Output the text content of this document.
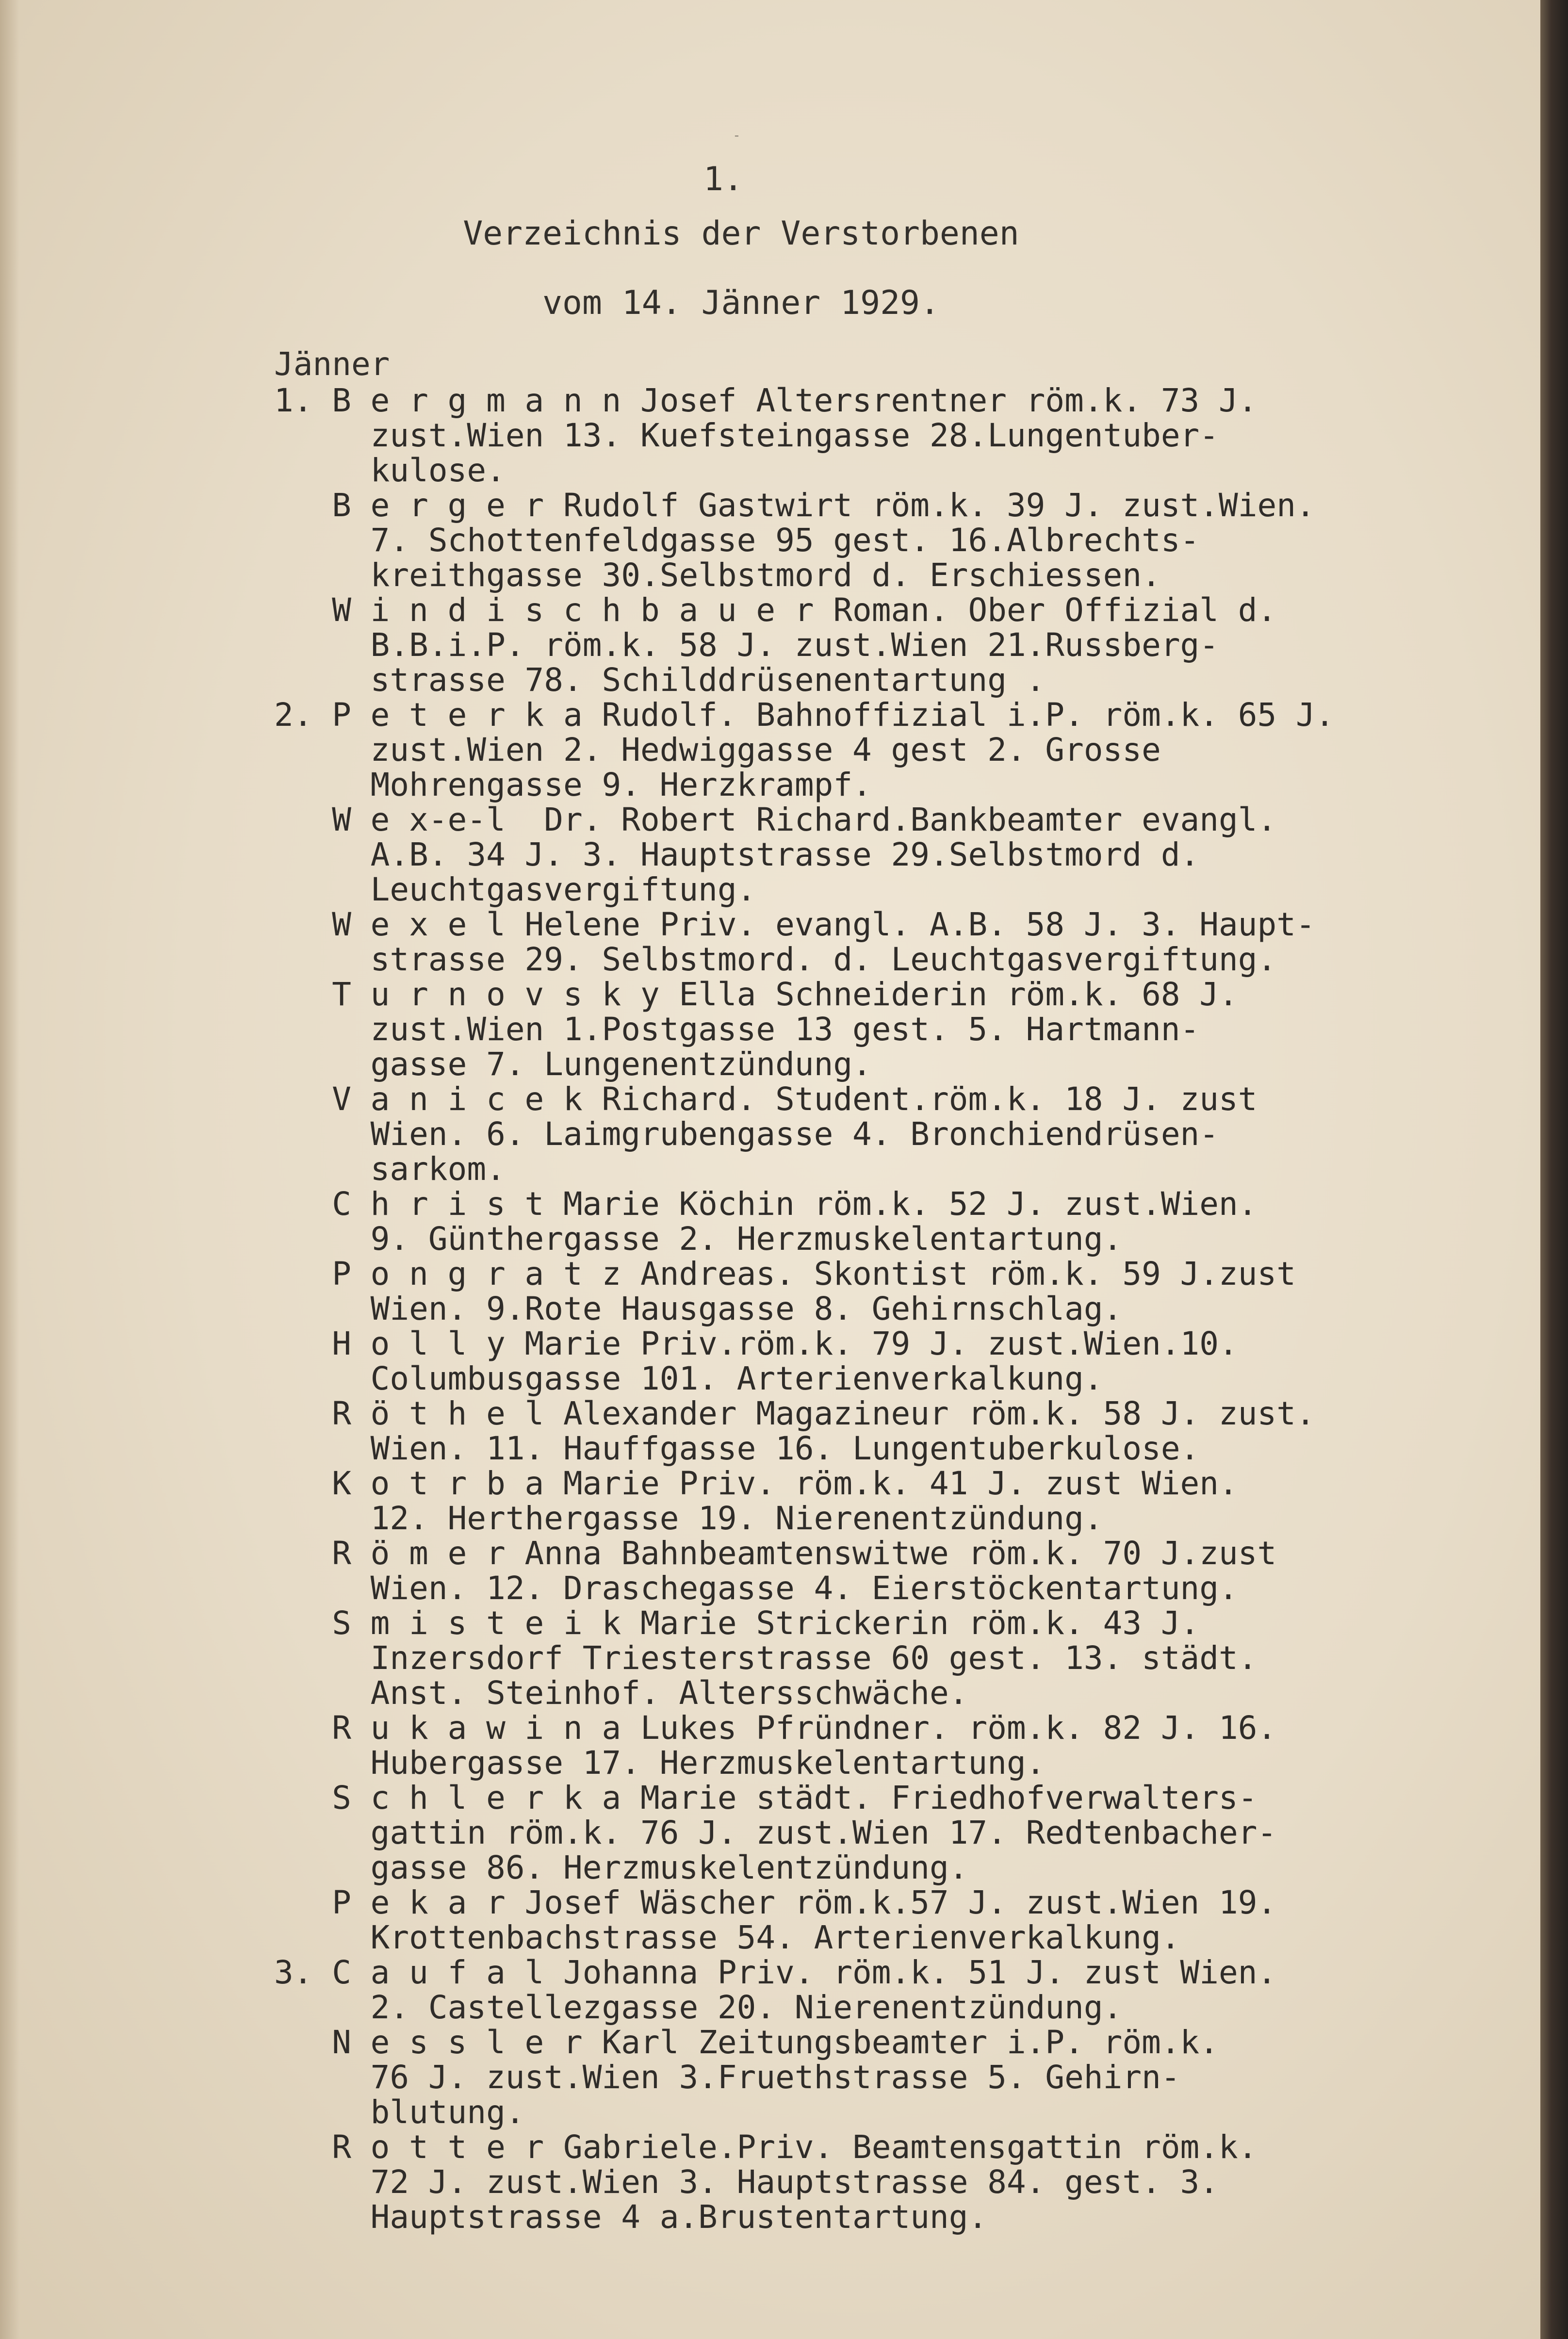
-
1.
Verzeichnis der Verstorbenen
vom 14. Jänner 1929.
Jänner
1. B e r g m a n n Josef Altersrentner röm.k. 73 J.
zust.Wien 13. Kuefsteingasse 28.Lungentuber-
kulose.
B e r g e r Rudolf Gastwirt röm.k. 39 J. zust.Wien.
7. Schottenfeldgasse 95 gest. 16.Albrechts-
kreithgasse 30.Selbstmord d. Erschiessen.
W i n d i s c h b a u e r Roman. Ober Offizial d.
B.B.i.P. röm.k. 58 J. zust.Wien 21.Russberg-
strasse 78. Schilddrüsenentartung .
2. P e t e r k a Rudolf. Bahnoffizial i.P. röm.k. 65 J.
zust.Wien 2. Hedwiggasse 4 gest 2. Grosse
Mohrengasse 9. Herzkrampf.
W e x-e-l  Dr. Robert Richard.Bankbeamter evangl.
A.B. 34 J. 3. Hauptstrasse 29.Selbstmord d.
Leuchtgasvergiftung.
W e x e l Helene Priv. evangl. A.B. 58 J. 3. Haupt-
strasse 29. Selbstmord. d. Leuchtgasvergiftung.
T u r n o v s k y Ella Schneiderin röm.k. 68 J.
zust.Wien 1.Postgasse 13 gest. 5. Hartmann-
gasse 7. Lungenentzündung.
V a n i c e k Richard. Student.röm.k. 18 J. zust
Wien. 6. Laimgrubengasse 4. Bronchiendrüsen-
sarkom.
C h r i s t Marie Köchin röm.k. 52 J. zust.Wien.
9. Günthergasse 2. Herzmuskelentartung.
P o n g r a t z Andreas. Skontist röm.k. 59 J.zust
Wien. 9.Rote Hausgasse 8. Gehirnschlag.
H o l l y Marie Priv.röm.k. 79 J. zust.Wien.10.
Columbusgasse 101. Arterienverkalkung.
R ö t h e l Alexander Magazineur röm.k. 58 J. zust.
Wien. 11. Hauffgasse 16. Lungentuberkulose.
K o t r b a Marie Priv. röm.k. 41 J. zust Wien.
12. Herthergasse 19. Nierenentzündung.
R ö m e r Anna Bahnbeamtenswitwe röm.k. 70 J.zust
Wien. 12. Draschegasse 4. Eierstöckentartung.
S m i s t e i k Marie Strickerin röm.k. 43 J.
Inzersdorf Triesterstrasse 60 gest. 13. städt.
Anst. Steinhof. Altersschwäche.
R u k a w i n a Lukes Pfründner. röm.k. 82 J. 16.
Hubergasse 17. Herzmuskelentartung.
S c h l e r k a Marie städt. Friedhofverwalters-
gattin röm.k. 76 J. zust.Wien 17. Redtenbacher-
gasse 86. Herzmuskelentzündung.
P e k a r Josef Wäscher röm.k.57 J. zust.Wien 19.
Krottenbachstrasse 54. Arterienverkalkung.
3. C a u f a l Johanna Priv. röm.k. 51 J. zust Wien.
2. Castellezgasse 20. Nierenentzündung.
N e s s l e r Karl Zeitungsbeamter i.P. röm.k.
76 J. zust.Wien 3.Fruethstrasse 5. Gehirn-
blutung.
R o t t e r Gabriele.Priv. Beamtensgattin röm.k.
72 J. zust.Wien 3. Hauptstrasse 84. gest. 3.
Hauptstrasse 4 a.Brustentartung.
